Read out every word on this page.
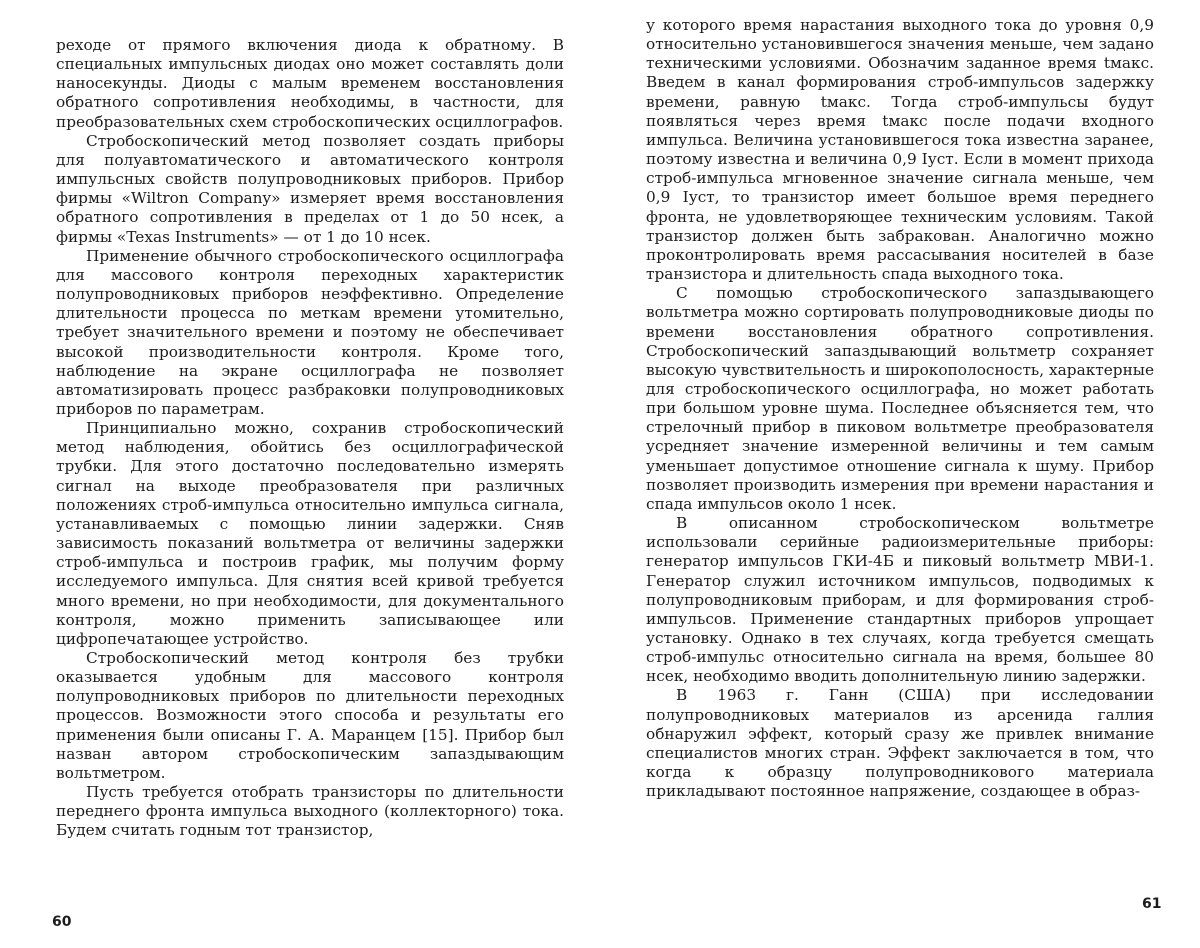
реходе от прямого включения диода к обратному. В специальных импульсных диодах оно может составлять доли наносекунды. Диоды с малым временем восстановления обратного сопротивления необходимы, в частности, для преобразовательных схем стробоскопических осциллографов.

Стробоскопический метод позволяет создать приборы для полуавтоматического и автоматического контроля импульсных свойств полупроводниковых приборов. Прибор фирмы «Wiltron Company» измеряет время восстановления обратного сопротивления в пределах от 1 до 50 нсек, а фирмы «Texas Instruments» — от 1 до 10 нсек.

Применение обычного стробоскопического осциллографа для массового контроля переходных характеристик полупроводниковых приборов неэффективно. Определение длительности процесса по меткам времени утомительно, требует значительного времени и поэтому не обеспечивает высокой производительности контроля. Кроме того, наблюдение на экране осциллографа не позволяет автоматизировать процесс разбраковки полупроводниковых приборов по параметрам.

Принципиально можно, сохранив стробоскопический метод наблюдения, обойтись без осциллографической трубки. Для этого достаточно последовательно измерять сигнал на выходе преобразователя при различных положениях строб-импульса относительно импульса сигнала, устанавливаемых с помощью линии задержки. Сняв зависимость показаний вольтметра от величины задержки строб-импульса и построив график, мы получим форму исследуемого импульса. Для снятия всей кривой требуется много времени, но при необходимости, для документального контроля, можно применить записывающее или цифропечатающее устройство.

Стробоскопический метод контроля без трубки оказывается удобным для массового контроля полупроводниковых приборов по длительности переходных процессов. Возможности этого способа и результаты его применения были описаны Г. А. Маранцем [15]. Прибор был назван автором стробоскопическим запаздывающим вольтметром.

Пусть требуется отобрать транзисторы по длительности переднего фронта импульса выходного (коллекторного) тока. Будем считать годным тот транзистор,

60

у которого время нарастания выходного тока до уровня 0,9 относительно установившегося значения меньше, чем задано техническими условиями. Обозначим заданное время tмакс. Введем в канал формирования строб-импульсов задержку времени, равную tмакс. Тогда строб-импульсы будут появляться через время tмакс после подачи входного импульса. Величина установившегося тока известна заранее, поэтому известна и величина 0,9 Iуст. Если в момент прихода строб-импульса мгновенное значение сигнала меньше, чем 0,9 Iуст, то транзистор имеет большое время переднего фронта, не удовлетворяющее техническим условиям. Такой транзистор должен быть забракован. Аналогично можно проконтролировать время рассасывания носителей в базе транзистора и длительность спада выходного тока.

С помощью стробоскопического запаздывающего вольтметра можно сортировать полупроводниковые диоды по времени восстановления обратного сопротивления. Стробоскопический запаздывающий вольтметр сохраняет высокую чувствительность и широкополосность, характерные для стробоскопического осциллографа, но может работать при большом уровне шума. Последнее объясняется тем, что стрелочный прибор в пиковом вольтметре преобразователя усредняет значение измеренной величины и тем самым уменьшает допустимое отношение сигнала к шуму. Прибор позволяет производить измерения при времени нарастания и спада импульсов около 1 нсек.

В описанном стробоскопическом вольтметре использовали серийные радиоизмерительные приборы: генератор импульсов ГКИ-4Б и пиковый вольтметр МВИ-1. Генератор служил источником импульсов, подводимых к полупроводниковым приборам, и для формирования строб-импульсов. Применение стандартных приборов упрощает установку. Однако в тех случаях, когда требуется смещать строб-импульс относительно сигнала на время, большее 80 нсек, необходимо вводить дополнительную линию задержки.

В 1963 г. Ганн (США) при исследовании полупроводниковых материалов из арсенида галлия обнаружил эффект, который сразу же привлек внимание специалистов многих стран. Эффект заключается в том, что когда к образцу полупроводникового материала прикладывают постоянное напряжение, создающее в образ-

61
